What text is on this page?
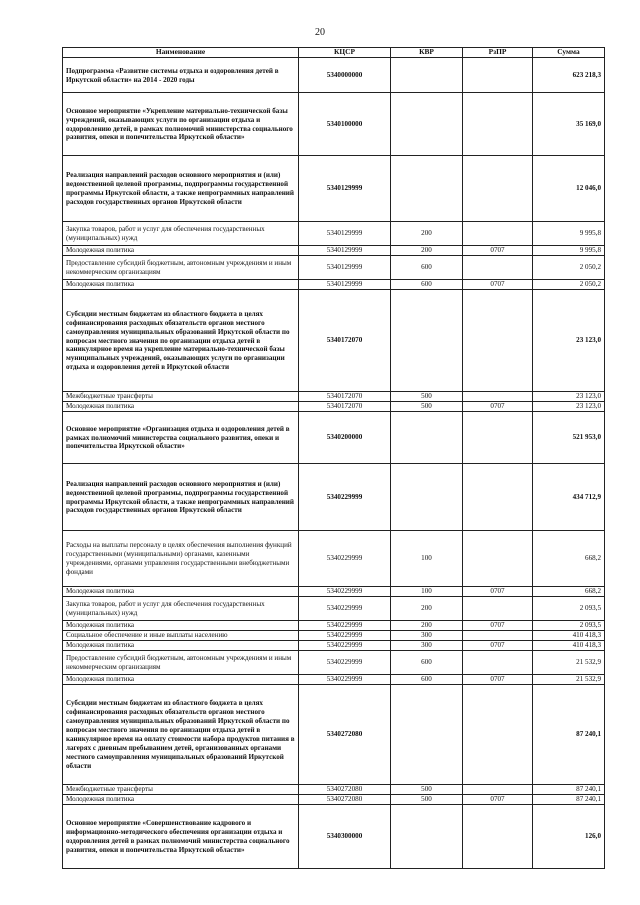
20
Наименование	КЦСР	КВР	РзПР	Сумма
Подпрограмма «Развитие системы отдыха и оздоровления детей в Иркутской области» на 2014 - 2020 годы	5340000000			623 218,3
Основное мероприятие «Укрепление материально-технической базы учреждений, оказывающих услуги по организации отдыха и оздоровлению детей, в рамках полномочий министерства социального развития, опеки и попечительства Иркутской области»	5340100000			35 169,0
Реализация направлений расходов основного мероприятия и (или) ведомственной целевой программы, подпрограммы государственной программы Иркутской области, а также непрограммных направлений расходов государственных органов Иркутской области	5340129999			12 046,0
Закупка товаров, работ и услуг для обеспечения государственных (муниципальных) нужд	5340129999	200		9 995,8
Молодежная политика	5340129999	200	0707	9 995,8
Предоставление субсидий бюджетным, автономным учреждениям и иным некоммерческим организациям	5340129999	600		2 050,2
Молодежная политика	5340129999	600	0707	2 050,2
Субсидии местным бюджетам из областного бюджета в целях софинансирования расходных обязательств органов местного самоуправления муниципальных образований Иркутской области по вопросам местного значения по организации отдыха детей в каникулярное время на укрепление материально-технической базы муниципальных учреждений, оказывающих услуги по организации отдыха и оздоровления детей в Иркутской области	5340172070			23 123,0
Межбюджетные трансферты	5340172070	500		23 123,0
Молодежная политика	5340172070	500	0707	23 123,0
Основное мероприятие «Организация отдыха и оздоровления детей в рамках полномочий министерства социального развития, опеки и попечительства Иркутской области»	5340200000			521 953,0
Реализация направлений расходов основного мероприятия и (или) ведомственной целевой программы, подпрограммы государственной программы Иркутской области, а также непрограммных направлений расходов государственных органов Иркутской области	5340229999			434 712,9
Расходы на выплаты персоналу в целях обеспечения выполнения функций государственными (муниципальными) органами, казенными учреждениями, органами управления государственными внебюджетными фондами	5340229999	100		668,2
Молодежная политика	5340229999	100	0707	668,2
Закупка товаров, работ и услуг для обеспечения государственных (муниципальных) нужд	5340229999	200		2 093,5
Молодежная политика	5340229999	200	0707	2 093,5
Социальное обеспечение и иные выплаты населению	5340229999	300		410 418,3
Молодежная политика	5340229999	300	0707	410 418,3
Предоставление субсидий бюджетным, автономным учреждениям и иным некоммерческим организациям	5340229999	600		21 532,9
Молодежная политика	5340229999	600	0707	21 532,9
Субсидии местным бюджетам из областного бюджета в целях софинансирования расходных обязательств органов местного самоуправления муниципальных образований Иркутской области по вопросам местного значения по организации отдыха детей в каникулярное время на оплату стоимости набора продуктов питания в лагерях с дневным пребыванием детей, организованных органами местного самоуправления муниципальных образований Иркутской области	5340272080			87 240,1
Межбюджетные трансферты	5340272080	500		87 240,1
Молодежная политика	5340272080	500	0707	87 240,1
Основное мероприятие «Совершенствование кадрового и информационно-методического обеспечения организации отдыха и оздоровления детей в рамках полномочий министерства социального развития, опеки и попечительства Иркутской области»	5340300000			126,0
